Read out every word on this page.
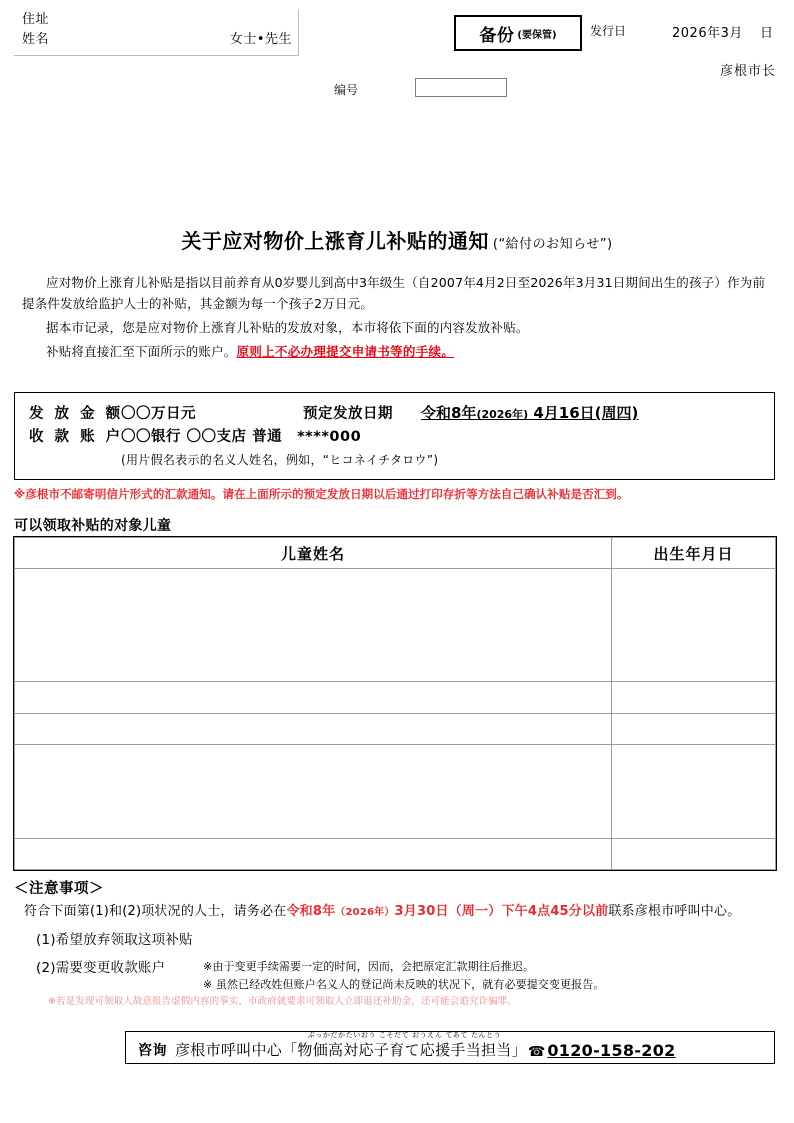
住址
姓名	女士•先生	备份 (要保管)	发行日	2026年3月 日
彦根市长
编号
关于应对物价上涨育儿补贴的通知 (“給付のお知らせ”)

应对物价上涨育儿补贴是指以目前养育从0岁婴儿到高中3年级生（自2007年4月2日至2026年3月31日期间出生的孩子）作为前提条件发放给监护人士的补贴，其金额为每一个孩子2万日元。

据本市记录，您是应对物价上涨育儿补贴的发放对象，本市将依下面的内容发放补贴。

补贴将直接汇至下面所示的账户。原则上不必办理提交申请书等的手续。

发 放 金 额〇〇万日元	预定发放日期 令和8年(2026年) 4月16日(周四)
收 款 账 户〇〇银行 〇〇支店 普通　****000
(用片假名表示的名义人姓名，例如，“ヒコネイチタロウ”)
※彦根市不邮寄明信片形式的汇款通知。请在上面所示的预定发放日期以后通过打印存折等方法自己确认补贴是否汇到。
可以领取补贴的对象儿童
儿童姓名	出生年月日

＜注意事项＞
符合下面第(1)和(2)项状况的人士，请务必在令和8年（2026年）3月30日（周一）下午4点45分以前联系彦根市呼叫中心。
(1)希望放弃领取这项补贴
(2)需要变更收款账户	※由于变更手续需要一定的时间，因而，会把原定汇款期往后推迟。
※ 虽然已经改姓但账户名义人的登记尚未反映的状况下，就有必要提交变更报告。
※若是发现可领取人故意报告虚假内容的事实，市政府就要求可领取人立即退还补助金，还可能会追究诈骗罪。
咨询 彦根市呼叫中心「
ぶっかだかたいおう こそだて おうえん てあて たんとう
物価高対応子育て応援手当担当 」 ☎ 0120-158-202
